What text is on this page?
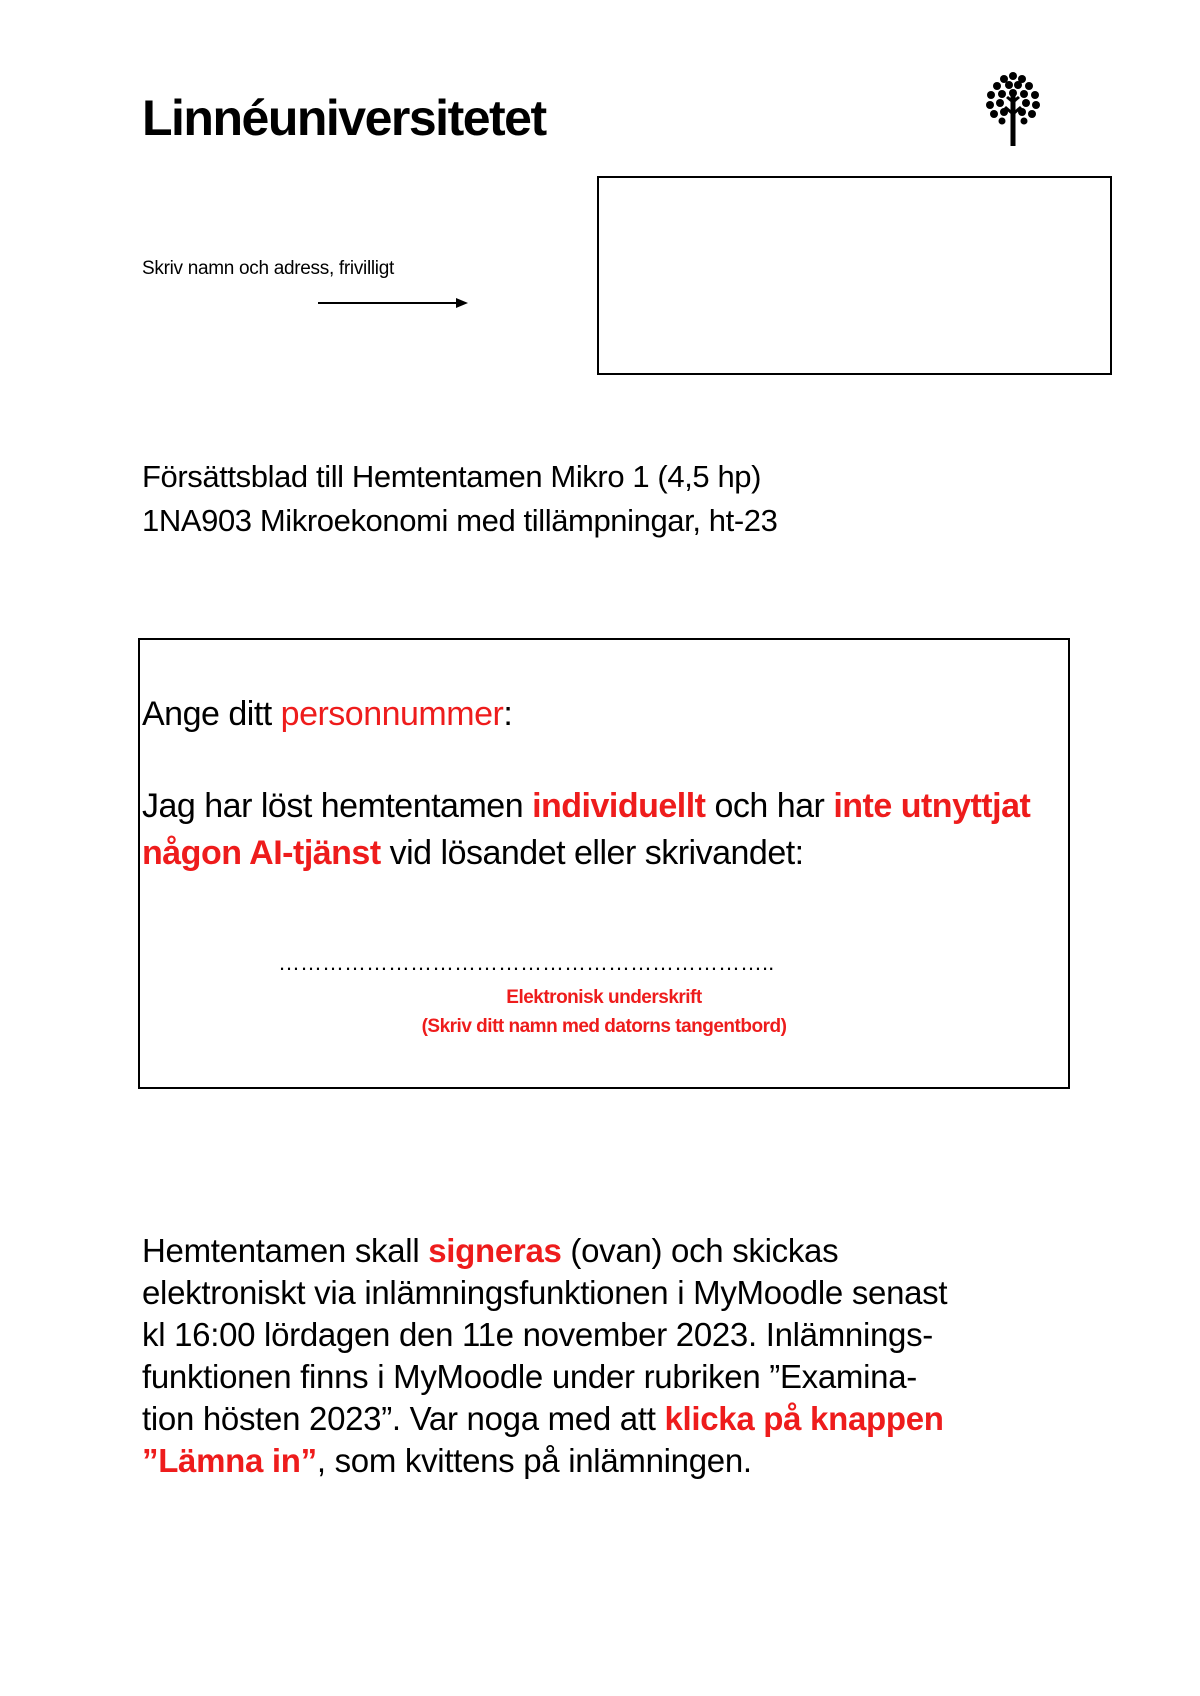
Linnéuniversitetet
Skriv namn och adress, frivilligt
Försättsblad till Hemtentamen Mikro 1 (4,5 hp)
1NA903 Mikroekonomi med tillämpningar, ht-23
Ange ditt personnummer:
Jag har löst hemtentamen individuellt och har inte utnyttjat någon AI-tjänst vid lösandet eller skrivandet:
…………………………………………………………..
Elektronisk underskrift
(Skriv ditt namn med datorns tangentbord)
Hemtentamen skall signeras (ovan) och skickas
elektroniskt via inlämningsfunktionen i MyMoodle senast
kl 16:00 lördagen den 11e november 2023. Inlämnings-
funktionen finns i MyMoodle under rubriken ”Examina-
tion hösten 2023”. Var noga med att klicka på knappen
”Lämna in”, som kvittens på inlämningen.
